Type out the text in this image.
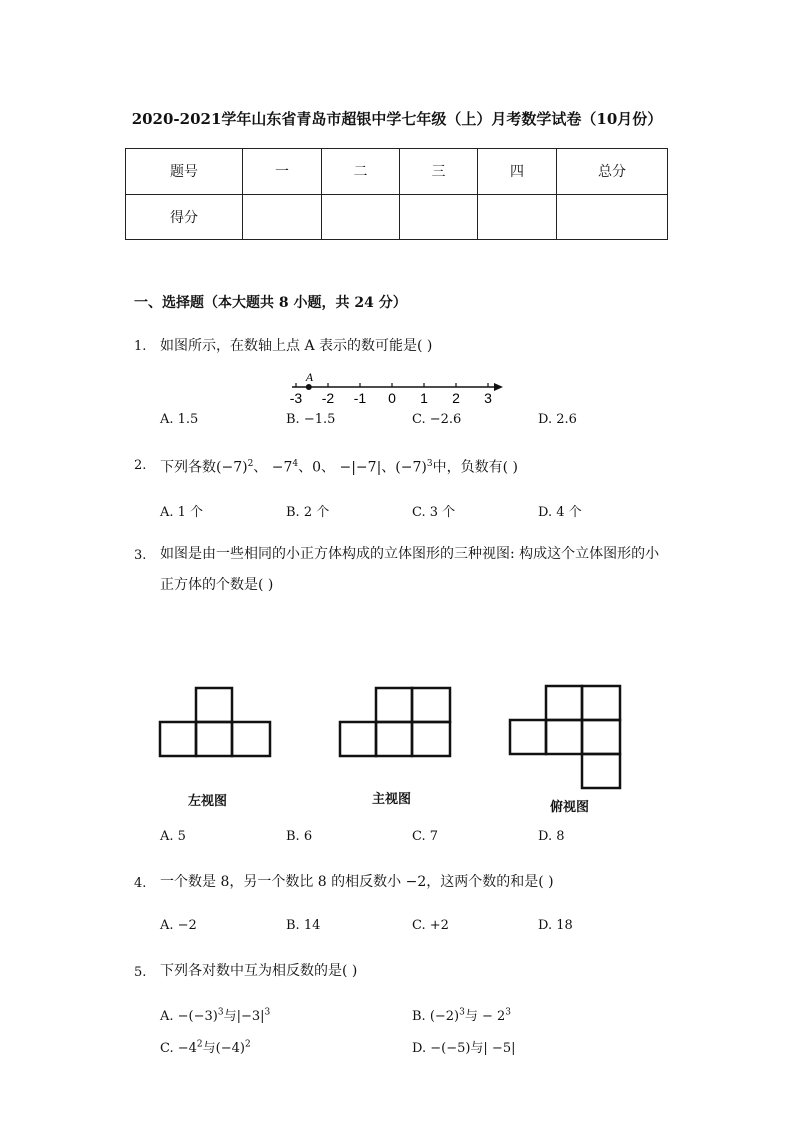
2020-2021学年山东省青岛市超银中学七年级（上）月考数学试卷（10月份）
题号	一	二	三	四	总分
得分					
一、选择题（本大题共 8 小题，共 24 分）
1. 如图所示，在数轴上点 A 表示的数可能是( )
-3 -2 -1 0 1 2 3
A
A. 1.5	B. −1.5	C. −2.6	D. 2.6
2. 下列各数$(-7)^2$、 $-7^4$、0、 −|−7|、$(-7)^3$中，负数有( )
A. 1 个	B. 2 个	C. 3 个	D. 4 个
3. 如图是由一些相同的小正方体构成的立体图形的三种视图: 构成这个立体图形的小
正方体的个数是( )
左视图	主视图
俯视图
A. 5	B. 6	C. 7	D. 8
4. 一个数是 8，另一个数比 8 的相反数小 −2，这两个数的和是( )
A. −2	B. 14	C. +2	D. 18
5. 下列各对数中互为相反数的是( )
A. $-(-3)^3$与$|-3|^3$	B. $(-2)^3$与 − $2^3$
C. $-4^2$与$(-4)^2$	D. −(−5)与| −5|
